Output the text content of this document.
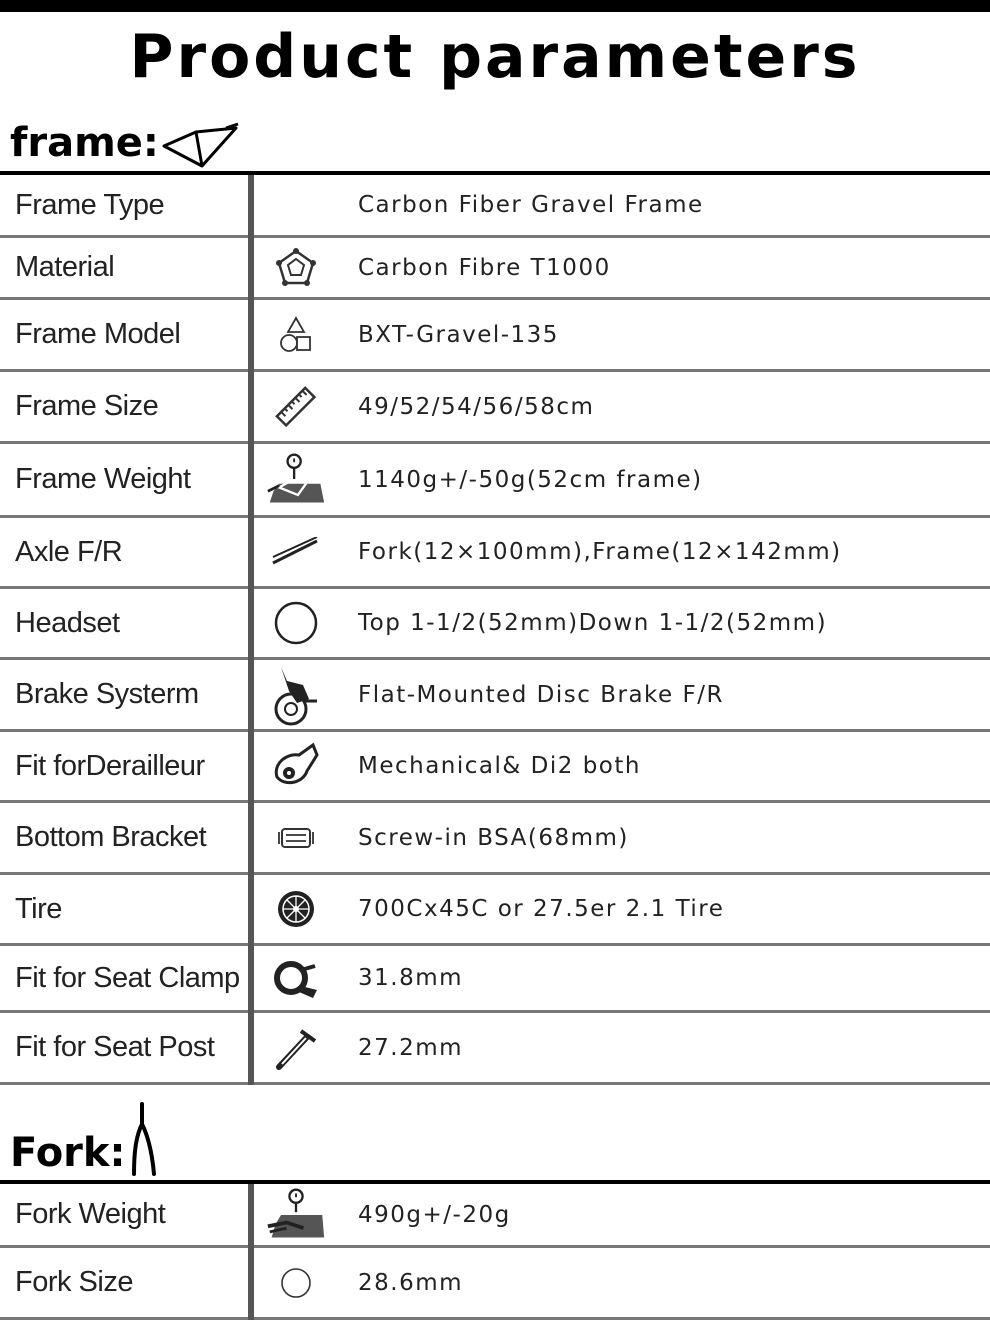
Product parameters
frame:
Frame Type	Carbon Fiber Gravel Frame
Material	Carbon Fibre T1000
Frame Model	BXT-Gravel-135
Frame Size	49/52/54/56/58cm
Frame Weight	1140g+/-50g(52cm frame)
Axle F/R	Fork(12×100mm),Frame(12×142mm)
Headset	Top 1-1/2(52mm)Down 1-1/2(52mm)
Brake Systerm	Flat-Mounted Disc Brake F/R
Fit forDerailleur	Mechanical& Di2 both
Bottom Bracket	Screw-in BSA(68mm)
Tire	700Cx45C or 27.5er 2.1 Tire
Fit for Seat Clamp	31.8mm
Fit for Seat Post	27.2mm
Fork:
Fork Weight	490g+/-20g
Fork Size	28.6mm
